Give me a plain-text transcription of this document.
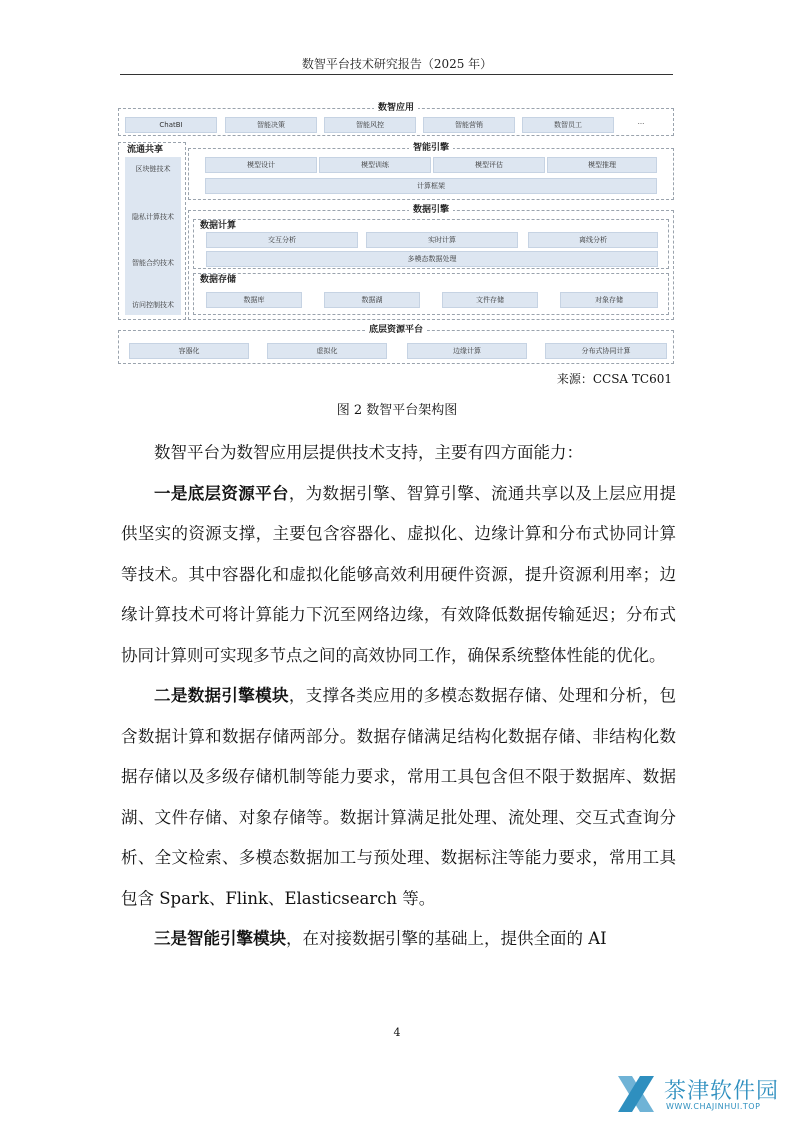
数智平台技术研究报告（2025 年）
数智应用
ChatBI	智能决策	智能风控	智能营销	数智员工	···
流通共享
区块链技术
隐私计算技术
智能合约技术
访问控制技术
智能引擎
模型设计	模型训练	模型评估	模型推理
计算框架
数据引擎
数据计算
交互分析	实时计算	离线分析
多模态数据处理
数据存储
数据库	数据湖	文件存储	对象存储
底层资源平台
容器化	虚拟化	边缘计算	分布式协同计算
来源：CCSA TC601
图 2 数智平台架构图

数智平台为数智应用层提供技术支持，主要有四方面能力：

一是底层资源平台，为数据引擎、智算引擎、流通共享以及上层应用提供坚实的资源支撑，主要包含容器化、虚拟化、边缘计算和分布式协同计算等技术。其中容器化和虚拟化能够高效利用硬件资源，提升资源利用率；边缘计算技术可将计算能力下沉至网络边缘，有效降低数据传输延迟；分布式协同计算则可实现多节点之间的高效协同工作，确保系统整体性能的优化。

二是数据引擎模块，支撑各类应用的多模态数据存储、处理和分析，包含数据计算和数据存储两部分。数据存储满足结构化数据存储、非结构化数据存储以及多级存储机制等能力要求，常用工具包含但不限于数据库、数据湖、文件存储、对象存储等。数据计算满足批处理、流处理、交互式查询分析、全文检索、多模态数据加工与预处理、数据标注等能力要求，常用工具包含 Spark、Flink、Elasticsearch 等。

三是智能引擎模块，在对接数据引擎的基础上，提供全面的 AI

4
茶津软件园
WWW.CHAJINHUI.TOP
